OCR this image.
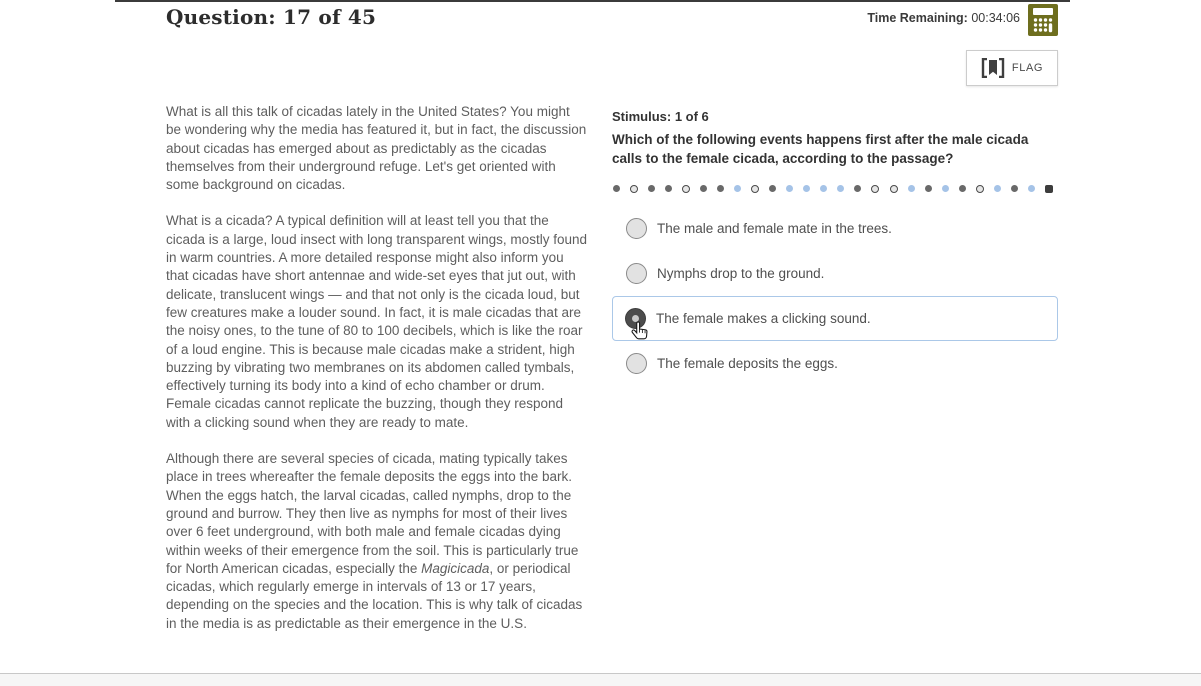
Question: 17 of 45	Time Remaining: 00:34:06
FLAG

What is all this talk of cicadas lately in the United States? You might be wondering why the media has featured it, but in fact, the discussion about cicadas has emerged about as predictably as the cicadas themselves from their underground refuge. Let's get oriented with some background on cicadas.

What is a cicada? A typical definition will at least tell you that the cicada is a large, loud insect with long transparent wings, mostly found in warm countries. A more detailed response might also inform you that cicadas have short antennae and wide-set eyes that jut out, with delicate, translucent wings — and that not only is the cicada loud, but few creatures make a louder sound. In fact, it is male cicadas that are the noisy ones, to the tune of 80 to 100 decibels, which is like the roar of a loud engine. This is because male cicadas make a strident, high buzzing by vibrating two membranes on its abdomen called tymbals, effectively turning its body into a kind of echo chamber or drum. Female cicadas cannot replicate the buzzing, though they respond with a clicking sound when they are ready to mate.

Although there are several species of cicada, mating typically takes place in trees whereafter the female deposits the eggs into the bark. When the eggs hatch, the larval cicadas, called nymphs, drop to the ground and burrow. They then live as nymphs for most of their lives over 6 feet underground, with both male and female cicadas dying within weeks of their emergence from the soil. This is particularly true for North American cicadas, especially the Magicicada, or periodical cicadas, which regularly emerge in intervals of 13 or 17 years, depending on the species and the location. This is why talk of cicadas in the media is as predictable as their emergence in the U.S.

Stimulus: 1 of 6
Which of the following events happens first after the male cicada calls to the female cicada, according to the passage?
The male and female mate in the trees.
Nymphs drop to the ground.
The female makes a clicking sound.
The female deposits the eggs.
